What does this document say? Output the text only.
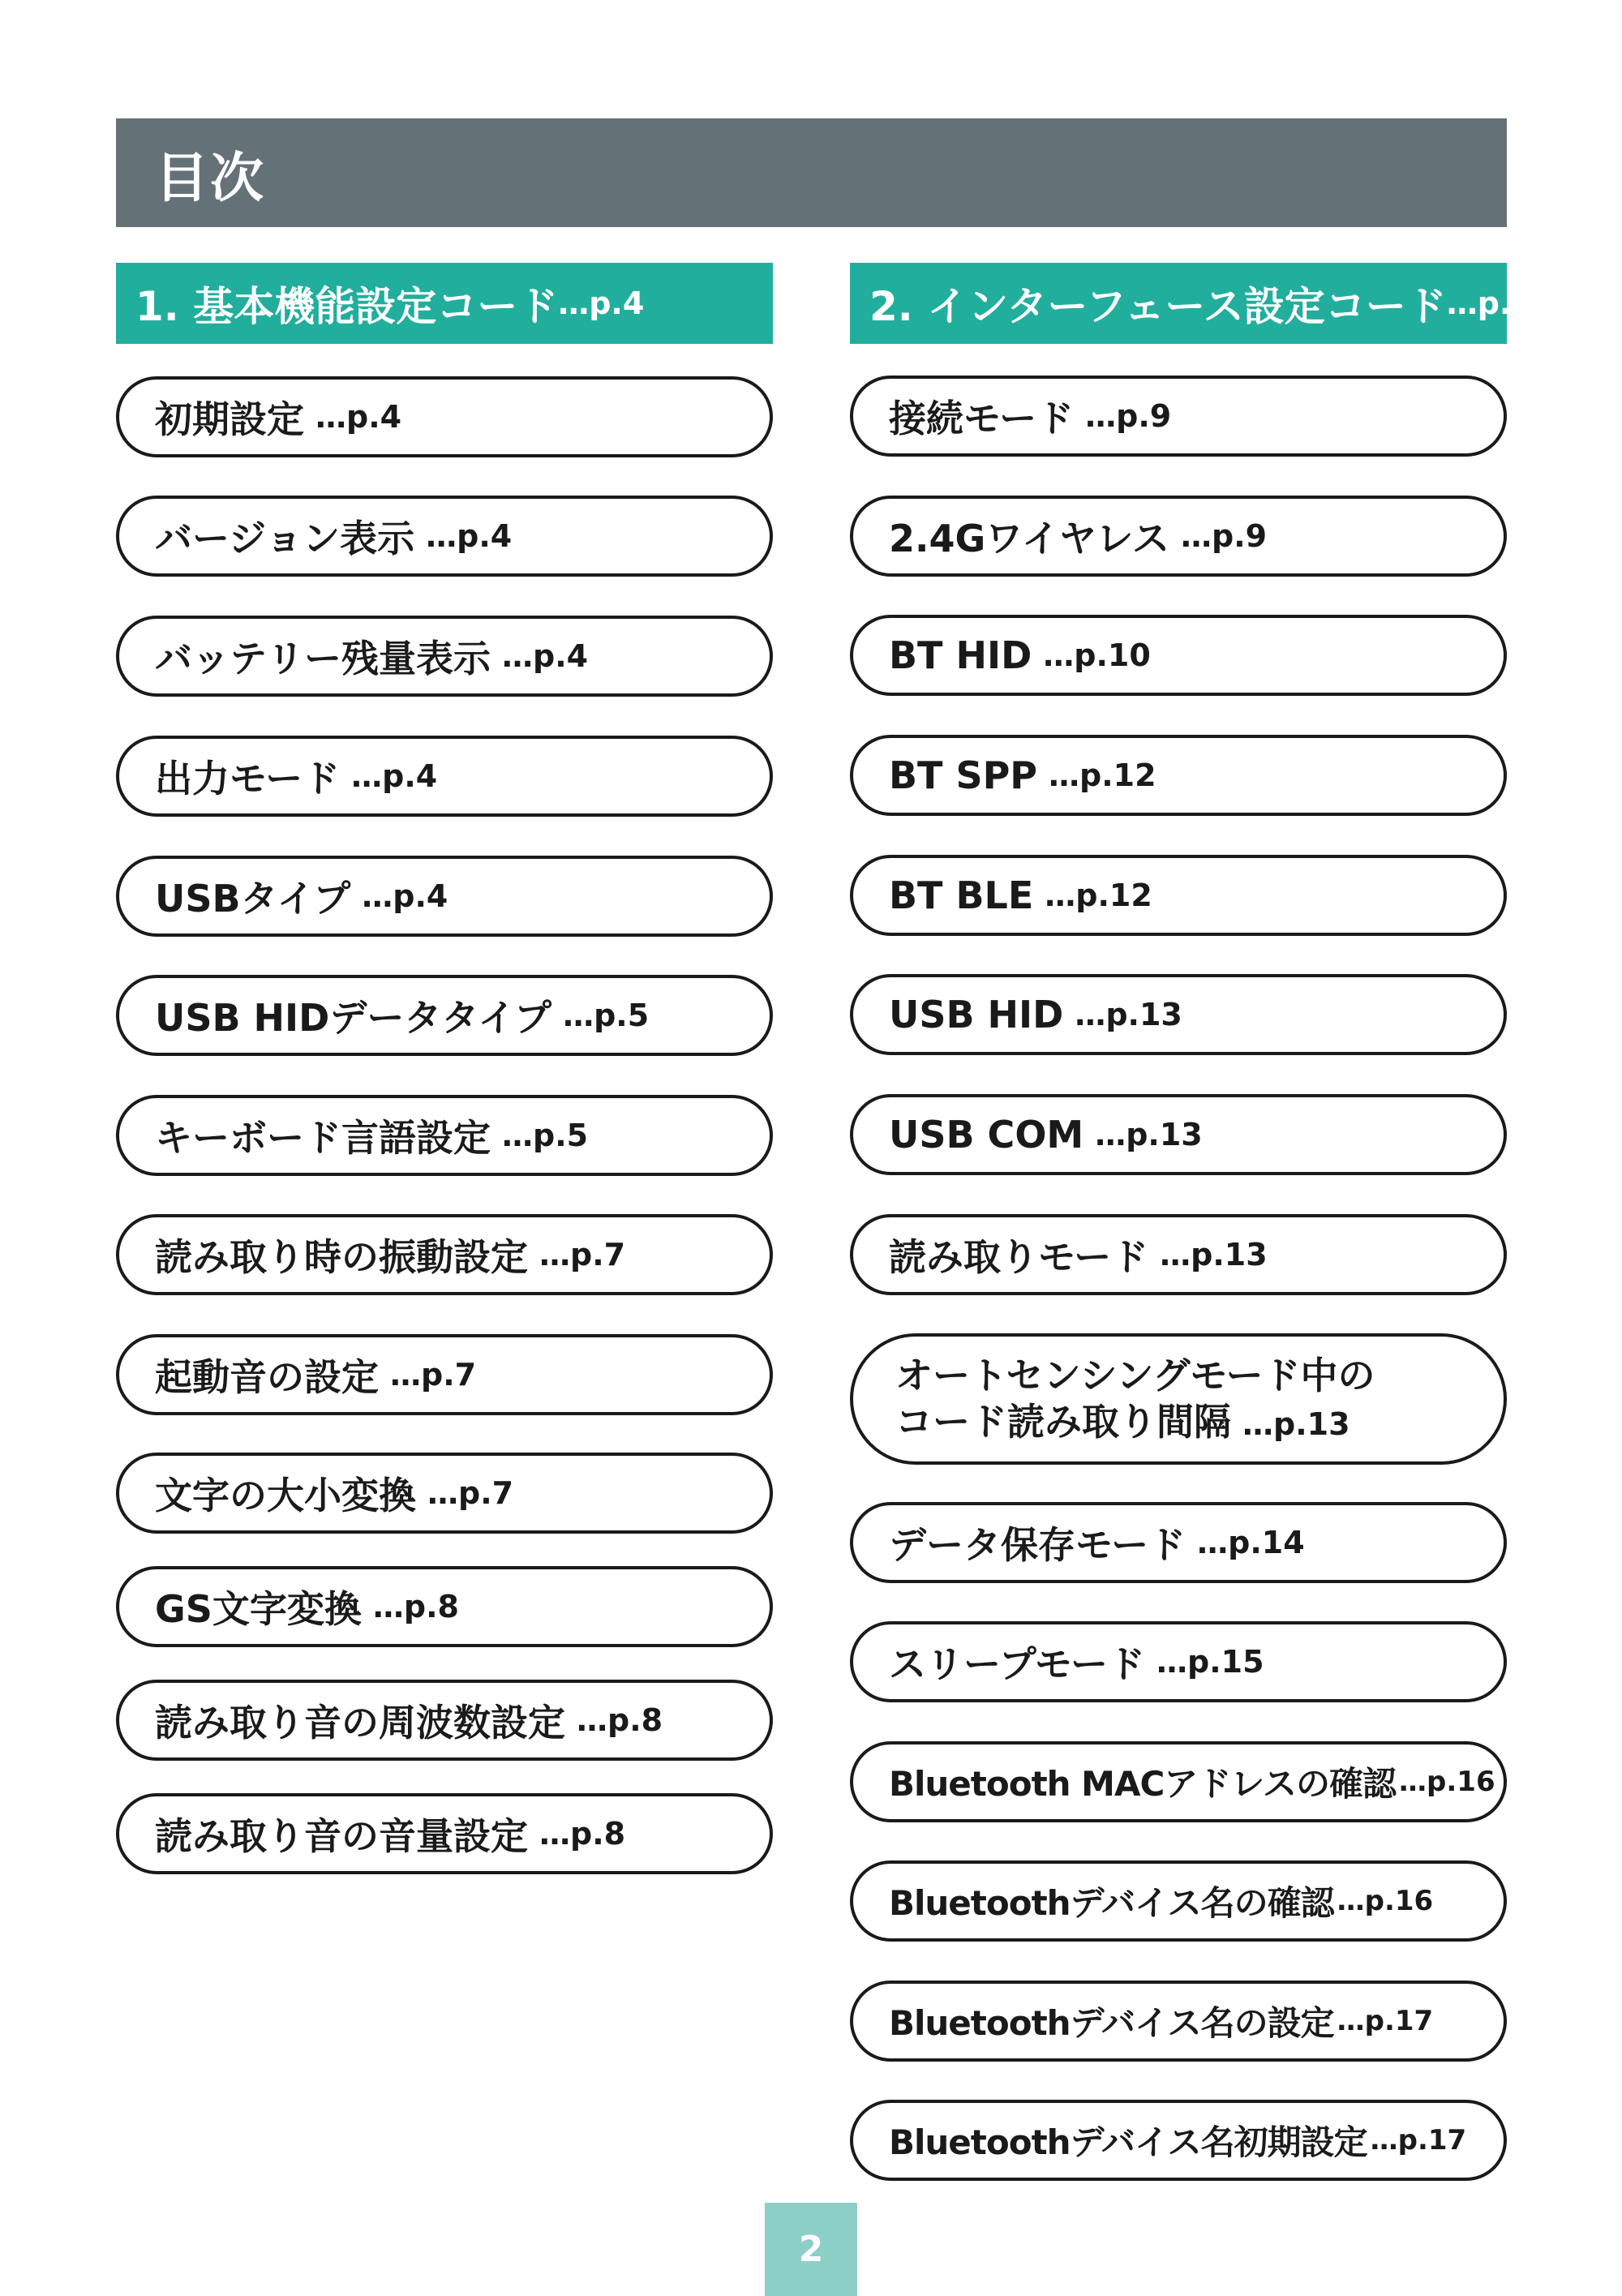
目次
1. 基本機能設定コード …p.4
初期設定 …p.4
バージョン表示 …p.4
バッテリー残量表示 …p.4
出力モード …p.4
USBタイプ …p.4
USB HIDデータタイプ …p.5
キーボード言語設定 …p.5
読み取り時の振動設定 …p.7
起動音の設定 …p.7
文字の大小変換 …p.7
GS文字変換 …p.8
読み取り音の周波数設定 …p.8
読み取り音の音量設定 …p.8
2. インターフェース設定コード …p.9
接続モード …p.9
2.4Gワイヤレス …p.9
BT HID …p.10
BT SPP …p.12
BT BLE …p.12
USB HID …p.13
USB COM …p.13
読み取りモード …p.13
オートセンシングモード中の
コード読み取り間隔 …p.13
データ保存モード …p.14
スリープモード …p.15
Bluetooth MACアドレスの確認 …p.16
Bluetoothデバイス名の確認 …p.16
Bluetoothデバイス名の設定 …p.17
Bluetoothデバイス名初期設定 …p.17
2
